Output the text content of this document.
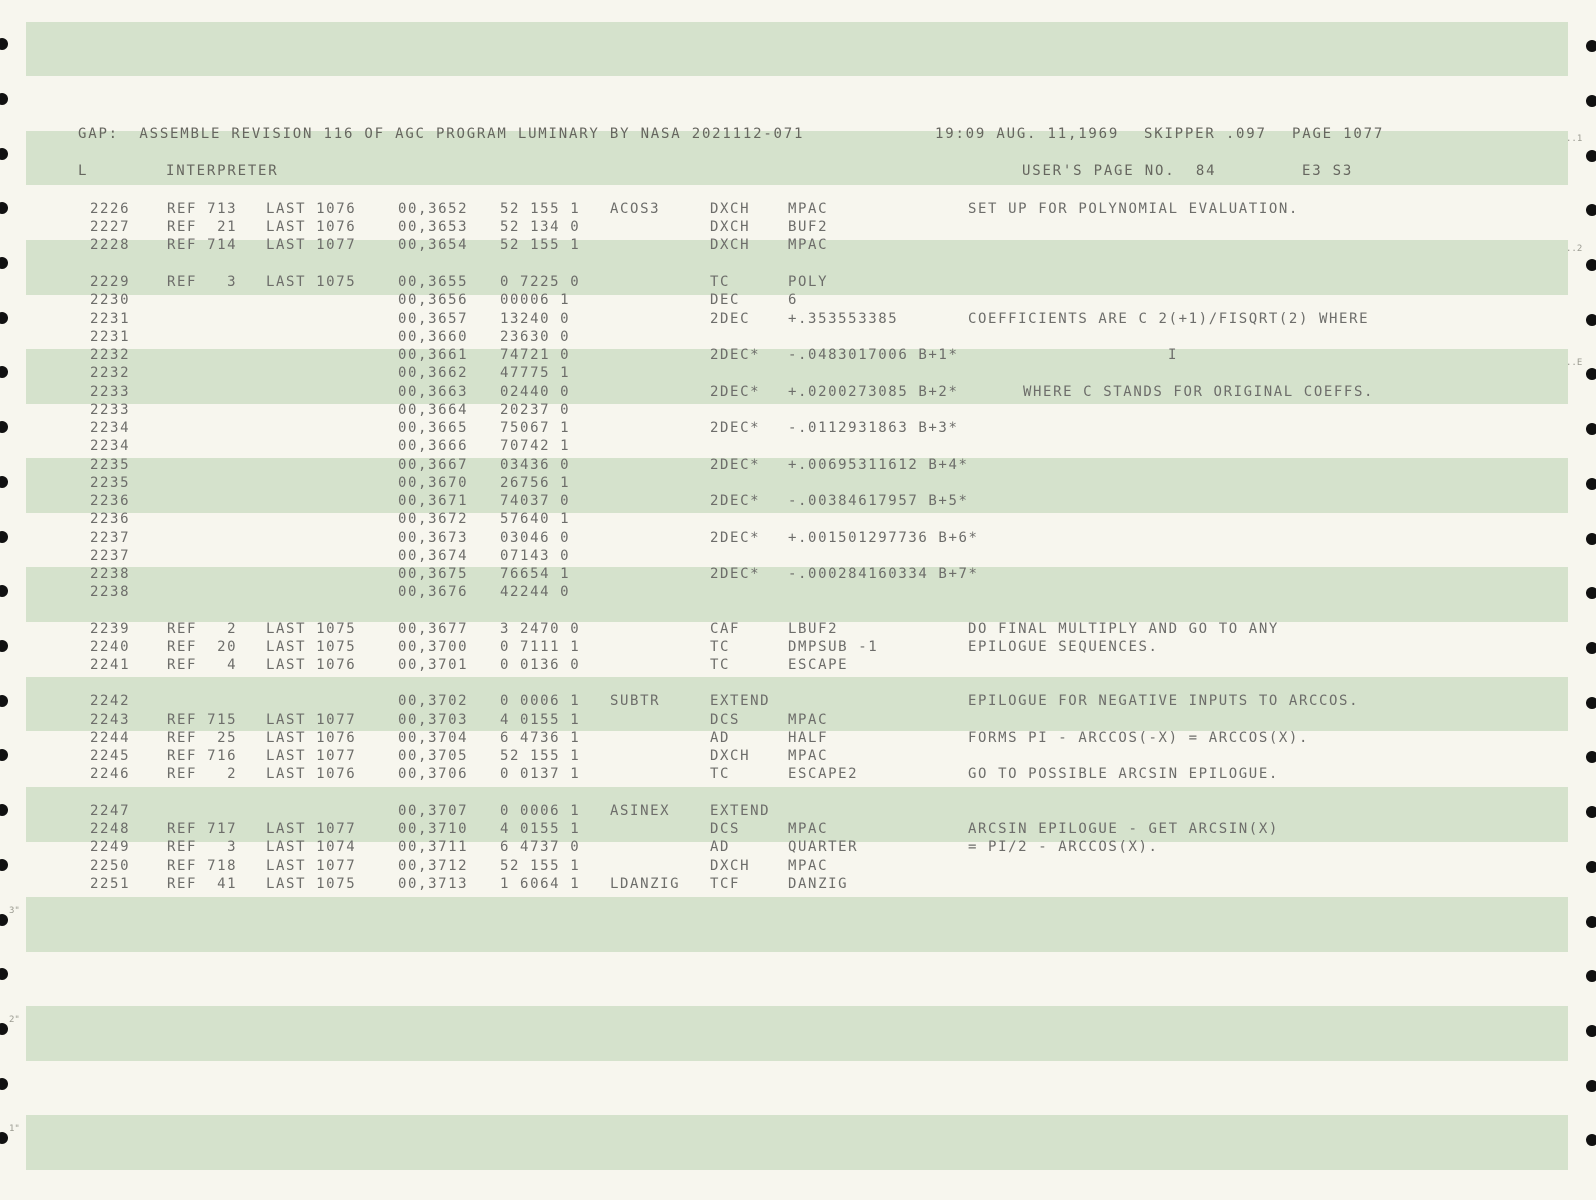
3"
2"
1"
..1
..2
..E

GAP:  ASSEMBLE REVISION 116 OF AGC PROGRAM LUMINARY BY NASA 2021112-071

	19:09 AUG. 11,1969

SKIPPER .097

PAGE 1077

L

	INTERPRETER

	USER'S PAGE NO.  84

	E3 S3

2226	REF 713 LAST 1076	00,3652 52 155 1 ACOS3	DXCH	MPAC	SET UP FOR POLYNOMIAL EVALUATION.
2227	REF  21 LAST 1076	00,3653 52 134 0	DXCH	BUF2
2228	REF 714 LAST 1077	00,3654 52 155 1	DXCH	MPAC
2229	REF   3 LAST 1075	00,3655 0 7225 0	TC	POLY
2230	00,3656 00006 1	DEC	6
2231	00,3657 13240 0	2DEC	+.353553385	COEFFICIENTS ARE C 2(+1)/FISQRT(2) WHERE
2231	00,3660 23630 0
2232	00,3661 74721 0	2DEC* -.0483017006 B+1*	I
2232	00,3662 47775 1
2233	00,3663 02440 0	2DEC* +.0200273085 B+2*	WHERE C STANDS FOR ORIGINAL COEFFS.
2233	00,3664 20237 0
2234	00,3665 75067 1	2DEC* -.0112931863 B+3*
2234	00,3666 70742 1
2235	00,3667 03436 0	2DEC* +.00695311612 B+4*
2235	00,3670 26756 1
2236	00,3671 74037 0	2DEC* -.00384617957 B+5*
2236	00,3672 57640 1
2237	00,3673 03046 0	2DEC* +.001501297736 B+6*
2237	00,3674 07143 0
2238	00,3675 76654 1	2DEC* -.000284160334 B+7*
2238	00,3676 42244 0
2239	REF   2 LAST 1075	00,3677 3 2470 0	CAF	LBUF2	DO FINAL MULTIPLY AND GO TO ANY
2240	REF  20 LAST 1075	00,3700 0 7111 1	TC	DMPSUB -1	EPILOGUE SEQUENCES.
2241	REF   4 LAST 1076	00,3701 0 0136 0	TC	ESCAPE
2242	00,3702 0 0006 1 SUBTR	EXTEND	EPILOGUE FOR NEGATIVE INPUTS TO ARCCOS.
2243	REF 715 LAST 1077	00,3703 4 0155 1	DCS	MPAC
2244	REF  25 LAST 1076	00,3704 6 4736 1	AD	HALF	FORMS PI - ARCCOS(-X) = ARCCOS(X).
2245	REF 716 LAST 1077	00,3705 52 155 1	DXCH	MPAC
2246	REF   2 LAST 1076	00,3706 0 0137 1	TC	ESCAPE2	GO TO POSSIBLE ARCSIN EPILOGUE.
2247	00,3707 0 0006 1 ASINEX	EXTEND
2248	REF 717 LAST 1077	00,3710 4 0155 1	DCS	MPAC	ARCSIN EPILOGUE - GET ARCSIN(X)
2249	REF   3 LAST 1074	00,3711 6 4737 0	AD	QUARTER	= PI/2 - ARCCOS(X).
2250	REF 718 LAST 1077	00,3712 52 155 1	DXCH	MPAC
2251	REF  41 LAST 1075	00,3713 1 6064 1 LDANZIG TCF	DANZIG
